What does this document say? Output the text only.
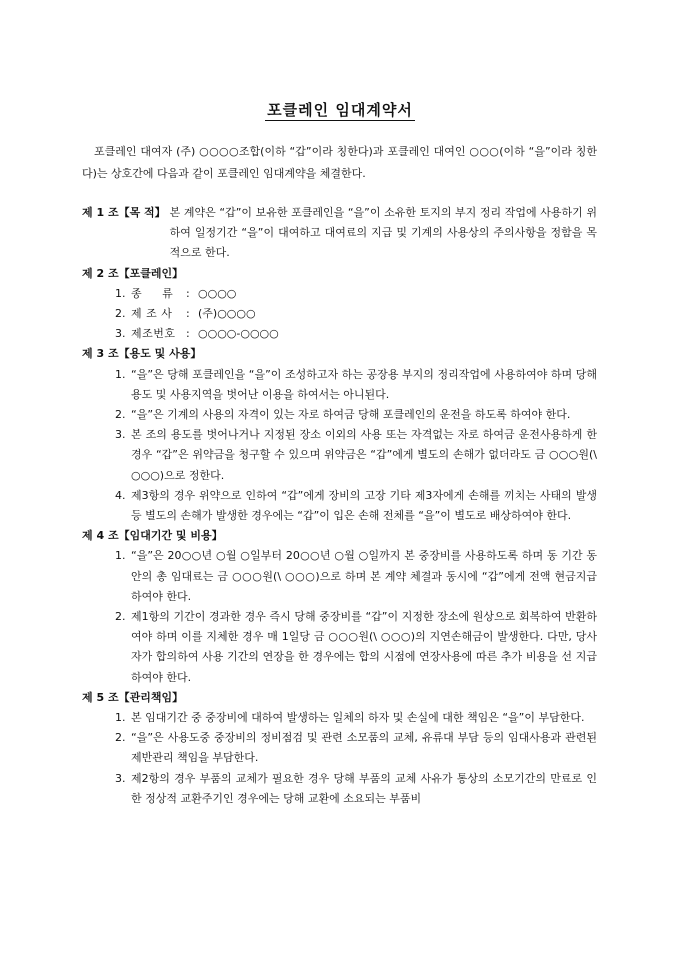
포클레인 임대계약서
포클레인 대여자 (주) ○○○○조합(이하 “갑”이라 칭한다)과 포클레인 대여인 ○○○(이하 “을”이라 칭한다)는 상호간에 다음과 같이 포클레인 임대계약을 체결한다.
제 1 조【목 적】 본 계약은 “갑”이 보유한 포클레인을 “을”이 소유한 토지의 부지 정리 작업에 사용하기 위하여 일정기간 “을”이 대여하고 대여료의 지급 및 기계의 사용상의 주의사항을 정함을 목적으로 한다.
제 2 조【포클레인】
1. 종     류	: ○○○○
2. 제 조 사	: (주)○○○○
3. 제조번호 : ○○○○-○○○○
제 3 조【용도 및 사용】
1. “을”은 당해 포클레인을 “을”이 조성하고자 하는 공장용 부지의 정리작업에 사용하여야 하며 당해 용도 및 사용지역을 벗어난 이용을 하여서는 아니된다.
2. “을”은 기계의 사용의 자격이 있는 자로 하여금 당해 포클레인의 운전을 하도록 하여야 한다.
3. 본 조의 용도를 벗어나거나 지정된 장소 이외의 사용 또는 자격없는 자로 하여금 운전사용하게 한 경우 “갑”은 위약금을 청구할 수 있으며 위약금은 “갑”에게 별도의 손해가 없더라도 금 ○○○원(\ ○○○)으로 정한다.
4. 제3항의 경우 위약으로 인하여 “갑”에게 장비의 고장 기타 제3자에게 손해를 끼치는 사태의 발생 등 별도의 손해가 발생한 경우에는 “갑”이 입은 손해 전체를 “을”이 별도로 배상하여야 한다.
제 4 조【임대기간 및 비용】
1. “을”은 20○○년 ○월 ○일부터 20○○년 ○월 ○일까지 본 중장비를 사용하도록 하며 동 기간 동안의 총 임대료는 금 ○○○원(\ ○○○)으로 하며 본 계약 체결과 동시에 “갑”에게 전액 현금지급하여야 한다.
2. 제1항의 기간이 경과한 경우 즉시 당해 중장비를 “갑”이 지정한 장소에 원상으로 회복하여 반환하여야 하며 이를 지체한 경우 매 1일당 금 ○○○원(\ ○○○)의 지연손해금이 발생한다. 다만, 당사자가 합의하여 사용 기간의 연장을 한 경우에는 합의 시점에 연장사용에 따른 추가 비용을 선 지급하여야 한다.
제 5 조【관리책임】
1. 본 임대기간 중 중장비에 대하여 발생하는 일체의 하자 및 손실에 대한 책임은 “을”이 부담한다.
2. “을”은 사용도중 중장비의 정비점검 및 관련 소모품의 교체, 유류대 부담 등의 임대사용과 관련된 제반관리 책임을 부담한다.
3. 제2항의 경우 부품의 교체가 필요한 경우 당해 부품의 교체 사유가 통상의 소모기간의 만료로 인한 정상적 교환주기인 경우에는 당해 교환에 소요되는 부품비
